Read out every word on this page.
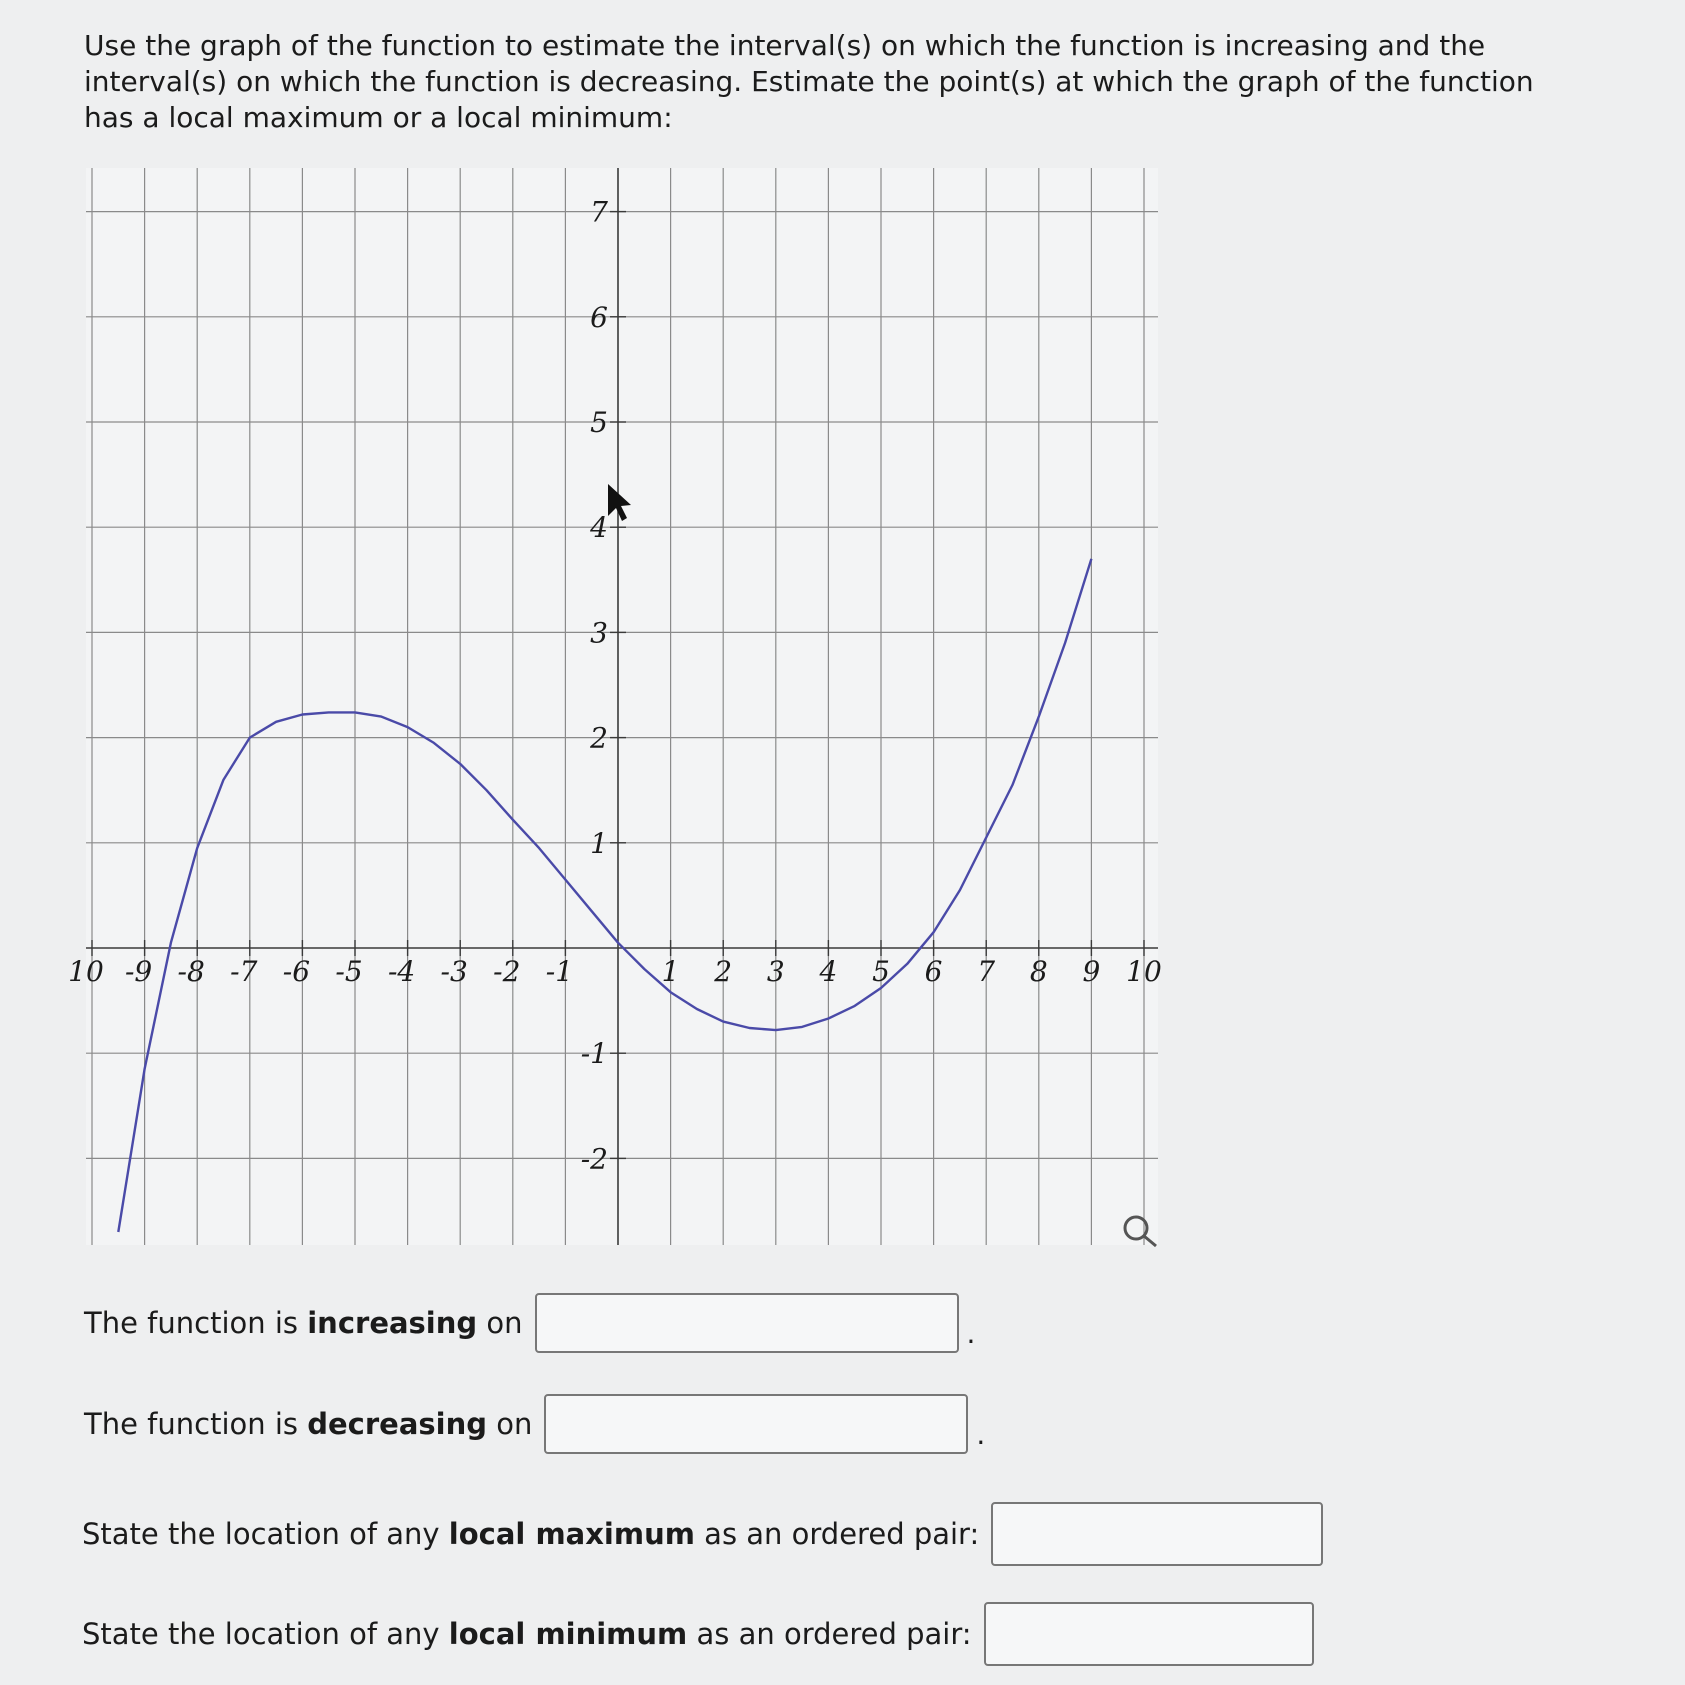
Use the graph of the function to estimate the interval(s) on which the function is increasing and the interval(s) on which the function is decreasing. Estimate the point(s) at which the graph of the function has a local maximum or a local minimum:

10 -9 -8 -7 -6 -5 -4 -3 -2 -1	1 2 3 4 5 6 7 8 9 10
7
6
5
4
3
2
1
-1
-2
The function is increasing on	.
The function is decreasing on	.
State the location of any local maximum as an ordered pair:
State the location of any local minimum as an ordered pair:
